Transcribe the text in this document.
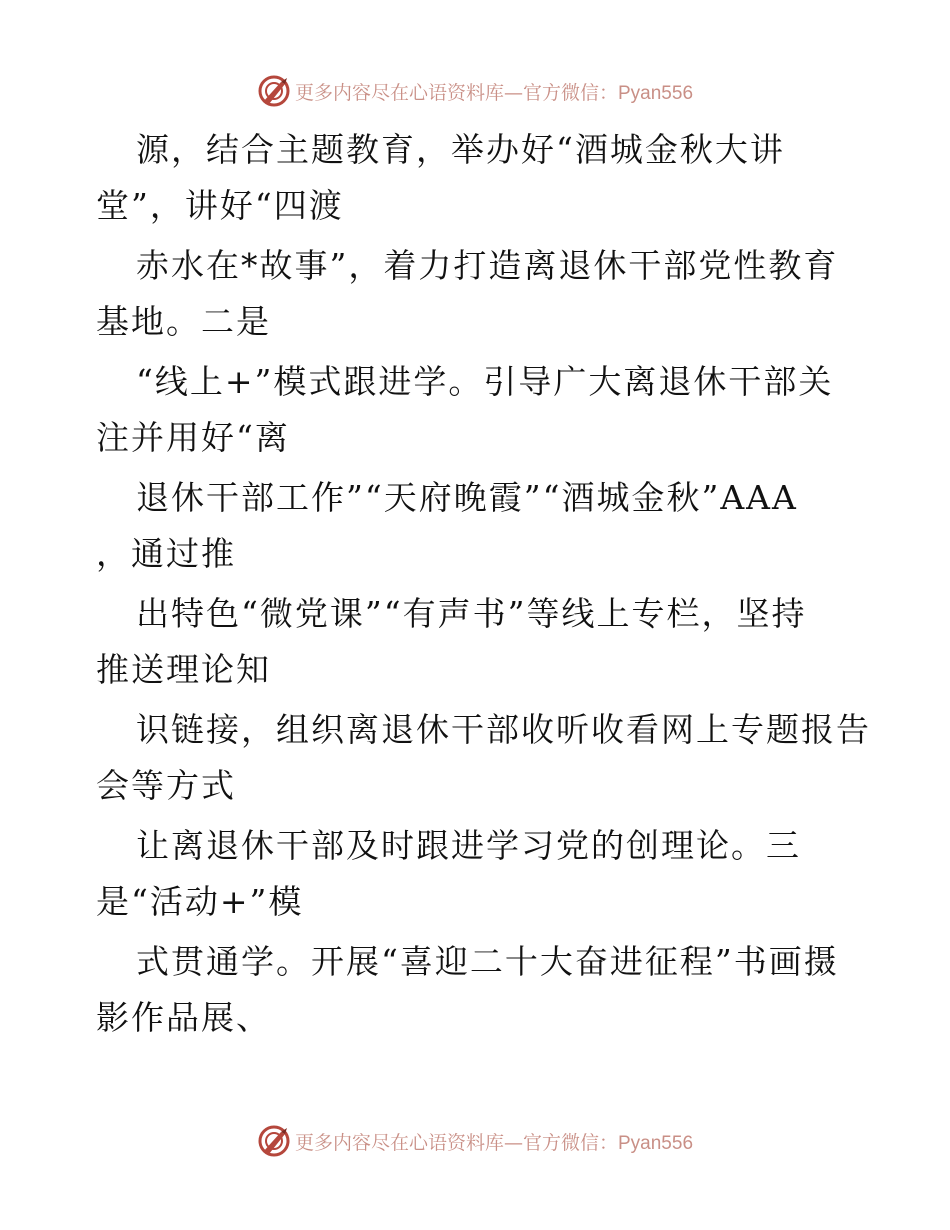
更多内容尽在心语资料库—官方微信：Pyan556
源，结合主题教育，举办好“酒城金秋大讲
堂”，讲好“四渡
赤水在*故事”，着力打造离退休干部党性教育
基地。二是
“线上+”模式跟进学。引导广大离退休干部关
注并用好“离
退休干部工作”“天府晚霞”“酒城金秋”AAA
，通过推
出特色“微党课”“有声书”等线上专栏，坚持
推送理论知
识链接，组织离退休干部收听收看网上专题报告
会等方式
让离退休干部及时跟进学习党的创理论。三
是“活动+”模
式贯通学。开展“喜迎二十大奋进征程”书画摄
影作品展、
更多内容尽在心语资料库—官方微信：Pyan556
